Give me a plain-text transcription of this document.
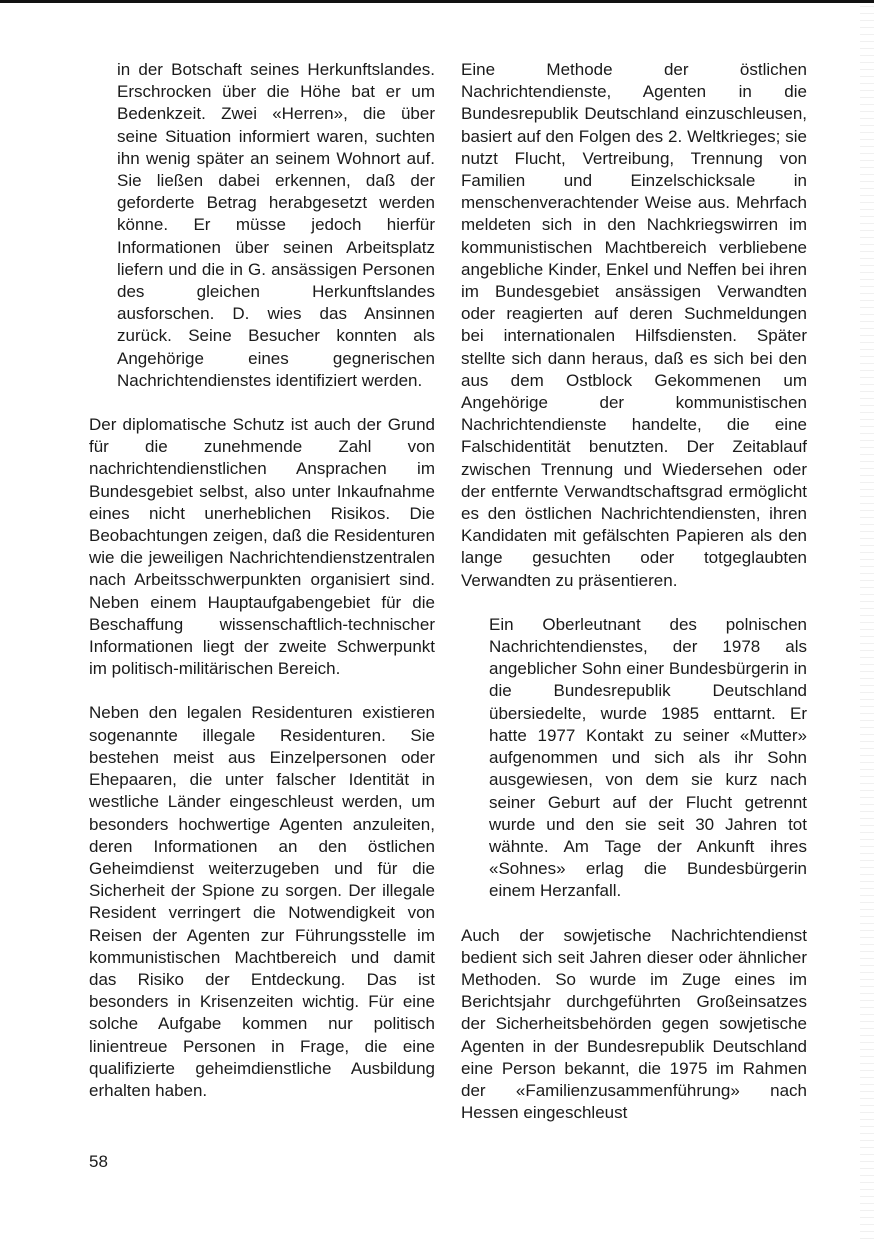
in der Botschaft seines Herkunftslandes. Erschrocken über die Höhe bat er um Bedenkzeit. Zwei «Herren», die über seine Situation informiert waren, suchten ihn wenig später an seinem Wohnort auf. Sie ließen dabei erkennen, daß der geforderte Betrag herabgesetzt werden könne. Er müsse jedoch hierfür Informationen über seinen Arbeitsplatz liefern und die in G. ansässigen Personen des gleichen Herkunftslandes ausforschen. D. wies das Ansinnen zurück. Seine Besucher konnten als Angehörige eines gegnerischen Nachrichtendienstes identifiziert werden.

Der diplomatische Schutz ist auch der Grund für die zunehmende Zahl von nachrichtendienstlichen Ansprachen im Bundesgebiet selbst, also unter Inkaufnahme eines nicht unerheblichen Risikos. Die Beobachtungen zeigen, daß die Residenturen wie die jeweiligen Nachrichtendienstzentralen nach Arbeitsschwerpunkten organisiert sind. Neben einem Hauptaufgabengebiet für die Beschaffung wissenschaftlich-technischer Informationen liegt der zweite Schwerpunkt im politisch-militärischen Bereich.

Neben den legalen Residenturen existieren sogenannte illegale Residenturen. Sie bestehen meist aus Einzelpersonen oder Ehepaaren, die unter falscher Identität in westliche Länder eingeschleust werden, um besonders hochwertige Agenten anzuleiten, deren Informationen an den östlichen Geheimdienst weiterzugeben und für die Sicherheit der Spione zu sorgen. Der illegale Resident verringert die Notwendigkeit von Reisen der Agenten zur Führungsstelle im kommunistischen Machtbereich und damit das Risiko der Entdeckung. Das ist besonders in Krisenzeiten wichtig. Für eine solche Aufgabe kommen nur politisch linientreue Personen in Frage, die eine qualifizierte geheimdienstliche Ausbildung erhalten haben.

Eine Methode der östlichen Nachrichtendienste, Agenten in die Bundesrepublik Deutschland einzuschleusen, basiert auf den Folgen des 2. Weltkrieges; sie nutzt Flucht, Vertreibung, Trennung von Familien und Einzelschicksale in menschenverachtender Weise aus. Mehrfach meldeten sich in den Nachkriegswirren im kommunistischen Machtbereich verbliebene angebliche Kinder, Enkel und Neffen bei ihren im Bundesgebiet ansässigen Verwandten oder reagierten auf deren Suchmeldungen bei internationalen Hilfsdiensten. Später stellte sich dann heraus, daß es sich bei den aus dem Ostblock Gekommenen um Angehörige der kommunistischen Nachrichtendienste handelte, die eine Falschidentität benutzten. Der Zeitablauf zwischen Trennung und Wiedersehen oder der entfernte Verwandtschaftsgrad ermöglicht es den östlichen Nachrichtendiensten, ihren Kandidaten mit gefälschten Papieren als den lange gesuchten oder totgeglaubten Verwandten zu präsentieren.

Ein Oberleutnant des polnischen Nachrichtendienstes, der 1978 als angeblicher Sohn einer Bundesbürgerin in die Bundesrepublik Deutschland übersiedelte, wurde 1985 enttarnt. Er hatte 1977 Kontakt zu seiner «Mutter» aufgenommen und sich als ihr Sohn ausgewiesen, von dem sie kurz nach seiner Geburt auf der Flucht getrennt wurde und den sie seit 30 Jahren tot wähnte. Am Tage der Ankunft ihres «Sohnes» erlag die Bundesbürgerin einem Herzanfall.

Auch der sowjetische Nachrichtendienst bedient sich seit Jahren dieser oder ähnlicher Methoden. So wurde im Zuge eines im Berichtsjahr durchgeführten Großeinsatzes der Sicherheitsbehörden gegen sowjetische Agenten in der Bundesrepublik Deutschland eine Person bekannt, die 1975 im Rahmen der «Familienzusammenführung» nach Hessen eingeschleust

58
